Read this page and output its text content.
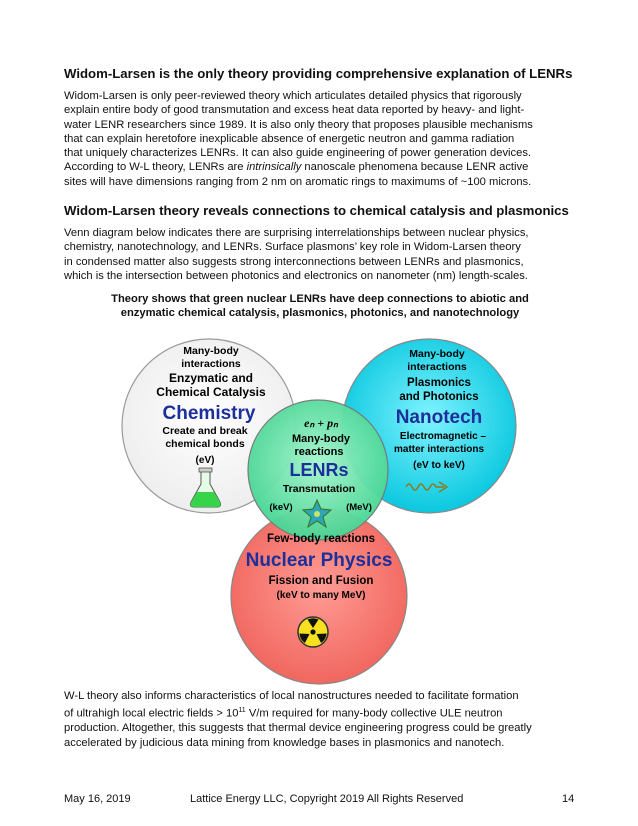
Widom-Larsen is the only theory providing comprehensive explanation of LENRs
Widom-Larsen is only peer-reviewed theory which articulates detailed physics that rigorously
explain entire body of good transmutation and excess heat data reported by heavy- and light-
water LENR researchers since 1989. It is also only theory that proposes plausible mechanisms
that can explain heretofore inexplicable absence of energetic neutron and gamma radiation
that uniquely characterizes LENRs. It can also guide engineering of power generation devices.
According to W-L theory, LENRs are intrinsically nanoscale phenomena because LENR active
sites will have dimensions ranging from 2 nm on aromatic rings to maximums of ~100 microns.
Widom-Larsen theory reveals connections to chemical catalysis and plasmonics
Venn diagram below indicates there are surprising interrelationships between nuclear physics,
chemistry, nanotechnology, and LENRs. Surface plasmons’ key role in Widom-Larsen theory
in condensed matter also suggests strong interconnections between LENRs and plasmonics,
which is the intersection between photonics and electronics on nanometer (nm) length-scales.
Theory shows that green nuclear LENRs have deep connections to abiotic and
enzymatic chemical catalysis, plasmonics, photonics, and nanotechnology
Many-body
interactions
Enzymatic and
Chemical Catalysis
Chemistry
Create and break
chemical bonds
(eV)
Many-body
interactions
Plasmonics
and Photonics
Nanotech
Electromagnetic –
matter interactions
(eV to keV)
eₙ + pₙ
Many-body
reactions
LENRs
Transmutation
(keV)	(MeV)
Few-body reactions
Nuclear Physics
Fission and Fusion
(keV to many MeV)
W-L theory also informs characteristics of local nanostructures needed to facilitate formation
of ultrahigh local electric fields > $10^{11}$ V/m required for many-body collective ULE neutron
production. Altogether, this suggests that thermal device engineering progress could be greatly
accelerated by judicious data mining from knowledge bases in plasmonics and nanotech.
May 16, 2019	Lattice Energy LLC, Copyright 2019 All Rights Reserved	14
